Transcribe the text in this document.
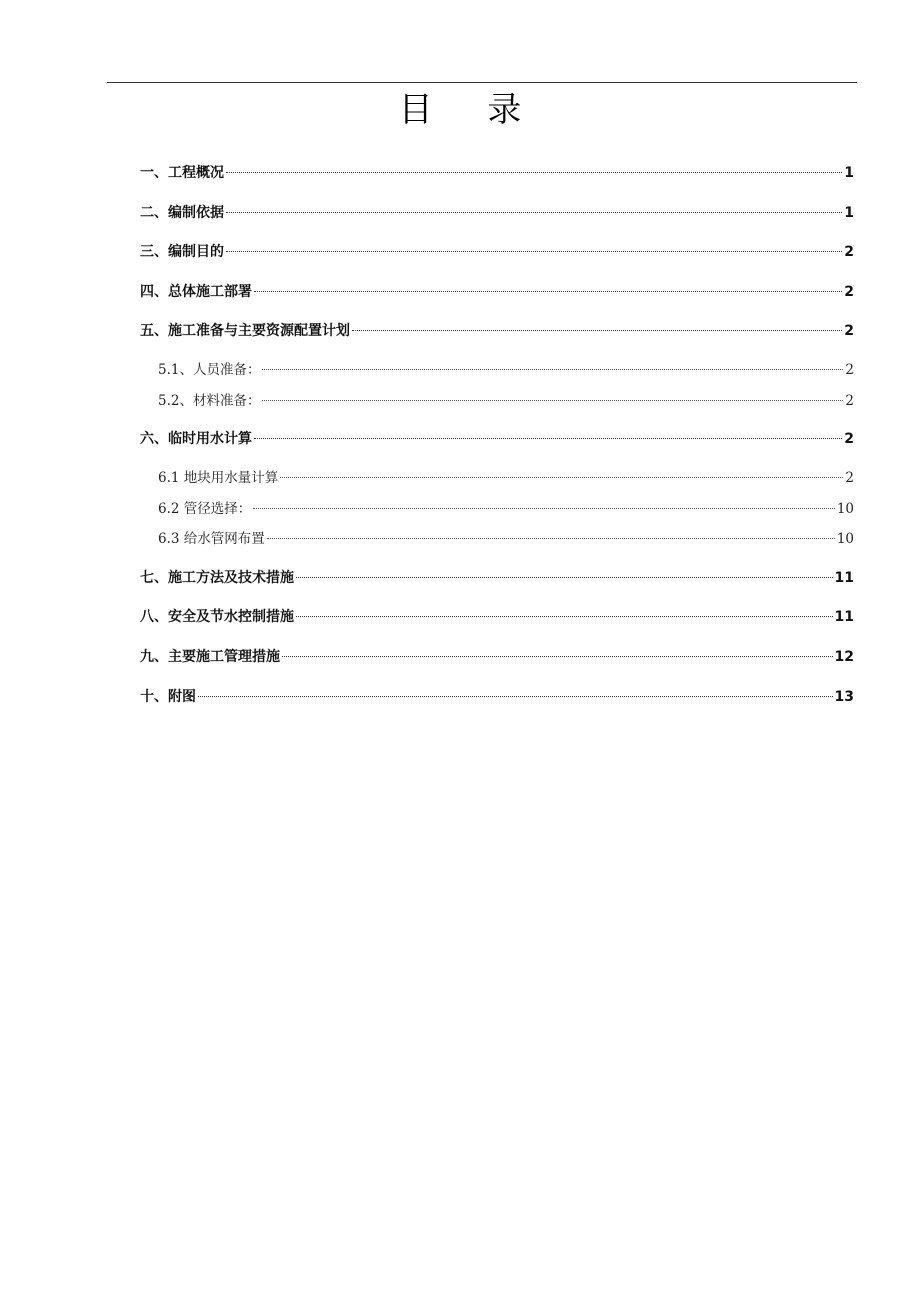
目 录
一、工程概况	1
二、编制依据	1
三、编制目的	2
四、总体施工部署	2
五、施工准备与主要资源配置计划	2
5.1、人员准备：	2
5.2、材料准备：	2
六、临时用水计算	2
6.1 地块用水量计算	2
6.2 管径选择：	10
6.3 给水管网布置	10
七、施工方法及技术措施	11
八、安全及节水控制措施	11
九、主要施工管理措施	12
十、附图	13
